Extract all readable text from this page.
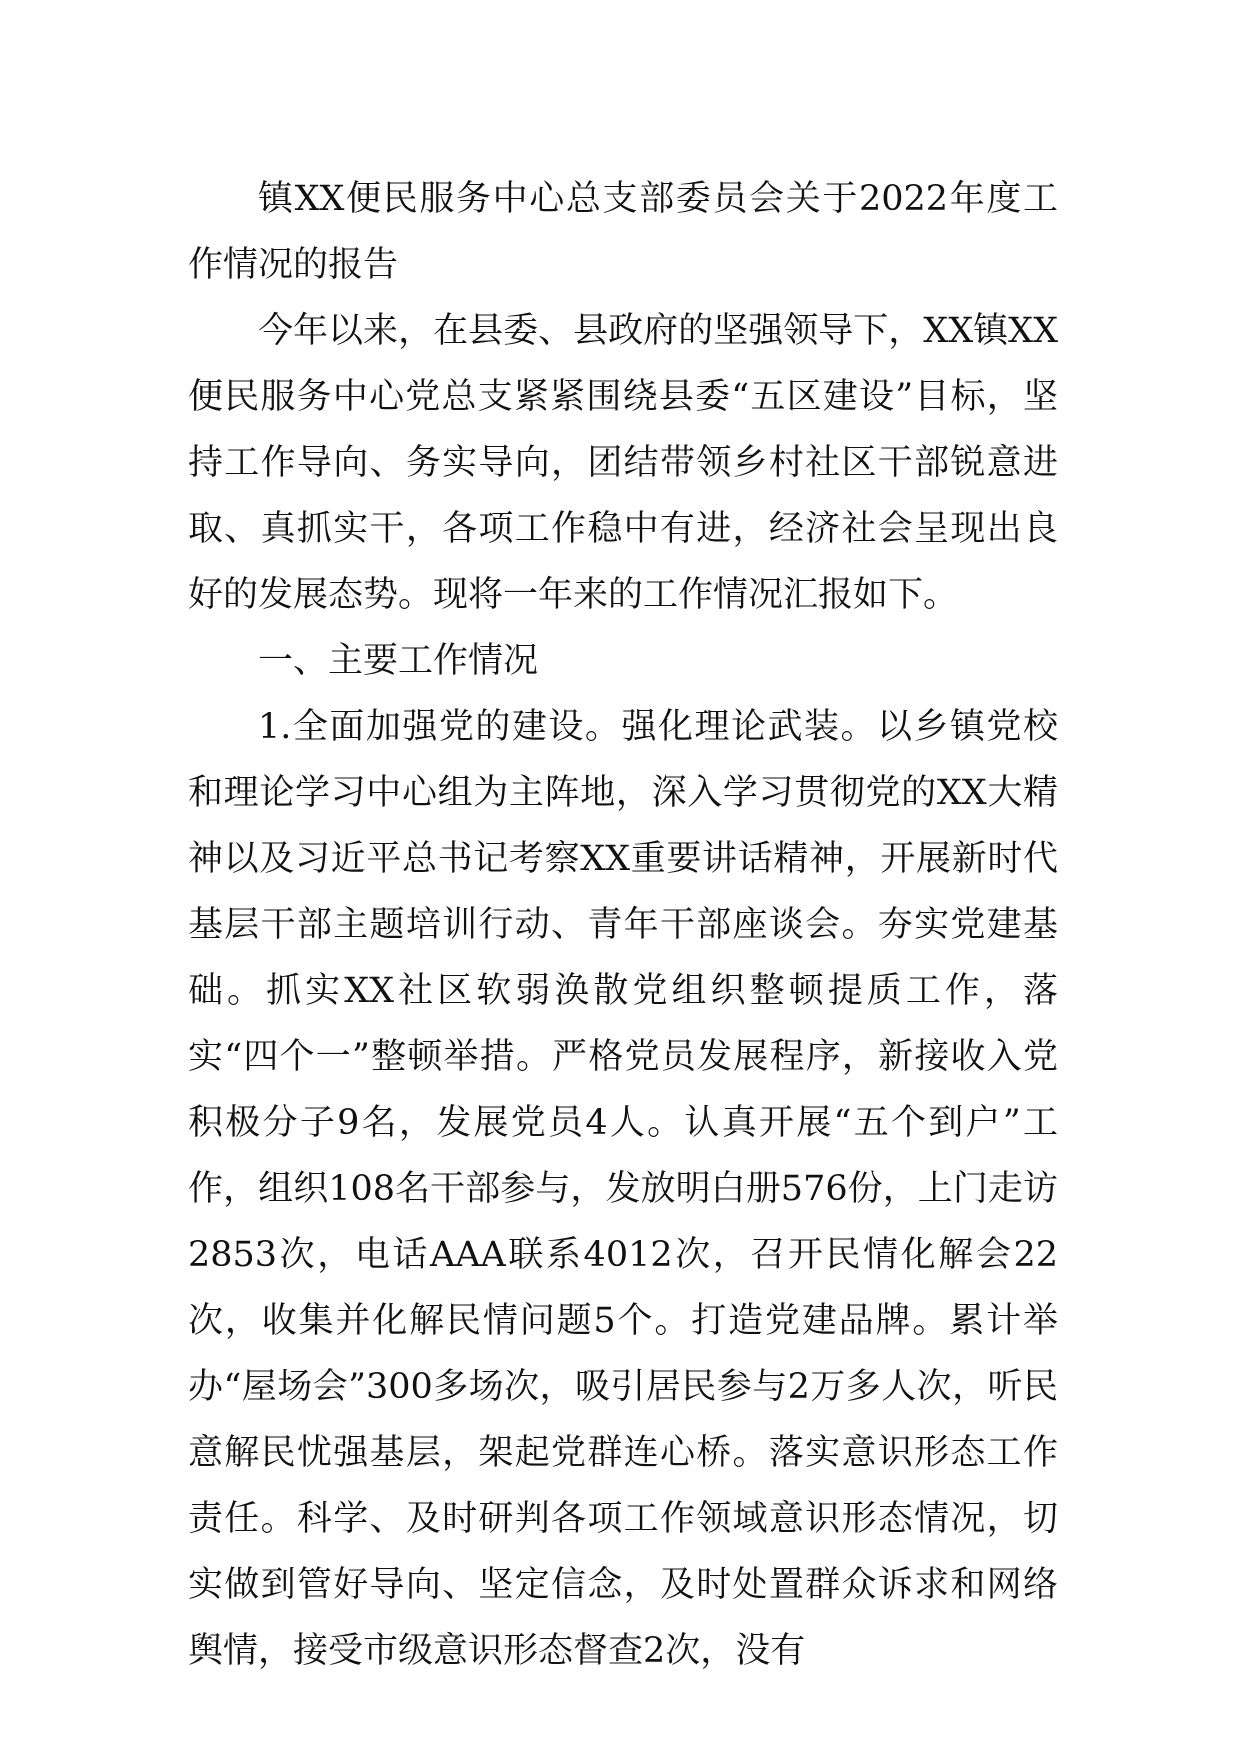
镇XX便民服务中心总支部委员会关于2022年度工作情况的报告

今年以来，在县委、县政府的坚强领导下，XX镇XX便民服务中心党总支紧紧围绕县委“五区建设”目标，坚持工作导向、务实导向，团结带领乡村社区干部锐意进取、真抓实干，各项工作稳中有进，经济社会呈现出良好的发展态势。现将一年来的工作情况汇报如下。

一、主要工作情况

1.全面加强党的建设。强化理论武装。以乡镇党校和理论学习中心组为主阵地，深入学习贯彻党的XX大精神以及习近平总书记考察XX重要讲话精神，开展新时代基层干部主题培训行动、青年干部座谈会。夯实党建基础。抓实XX社区软弱涣散党组织整顿提质工作，落实“四个一”整顿举措。严格党员发展程序，新接收入党积极分子9名，发展党员4人。认真开展“五个到户”工作，组织108名干部参与，发放明白册576份，上门走访2853次，电话AAA联系4012次，召开民情化解会22次，收集并化解民情问题5个。打造党建品牌。累计举办“屋场会”300多场次，吸引居民参与2万多人次，听民意解民忧强基层，架起党群连心桥。落实意识形态工作责任。科学、及时研判各项工作领域意识形态情况，切实做到管好导向、坚定信念，及时处置群众诉求和网络舆情，接受市级意识形态督查2次，没有
